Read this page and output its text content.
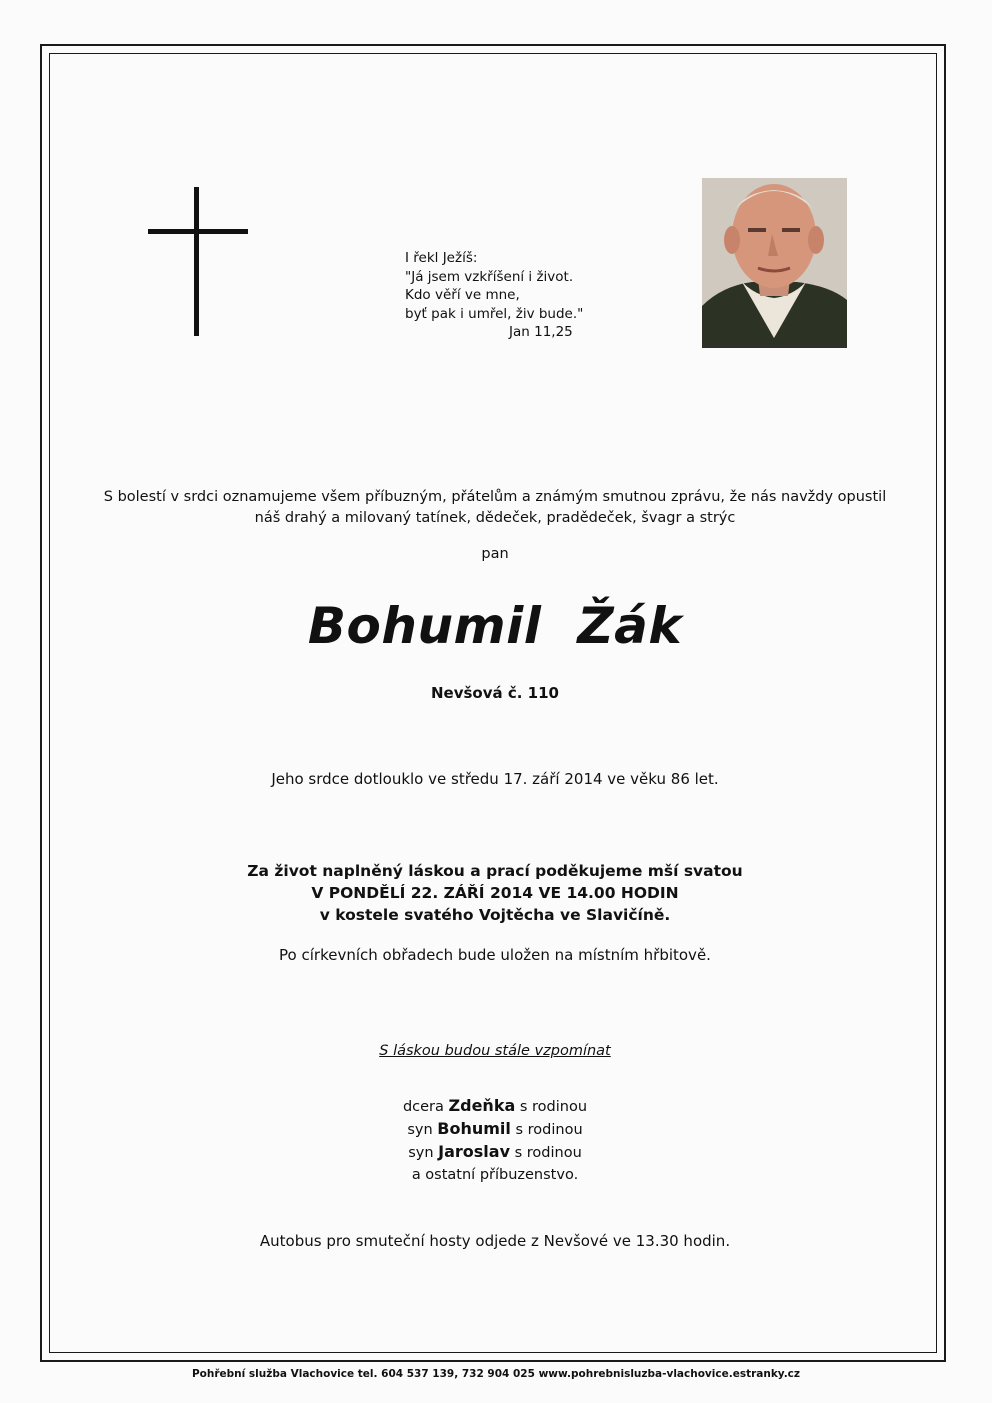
I řekl Ježíš:
"Já jsem vzkříšení i život.
Kdo věří ve mne,
byť pak i umřel, živ bude."
Jan 11,25
S bolestí v srdci oznamujeme všem příbuzným, přátelům a známým smutnou zprávu, že nás navždy opustil
náš drahý a milovaný tatínek, dědeček, pradědeček, švagr a strýc
pan
Bohumil Žák
Nevšová č. 110
Jeho srdce dotlouklo ve středu 17. září 2014 ve věku 86 let.
Za život naplněný láskou a prací poděkujeme mší svatou
V PONDĚLÍ 22. ZÁŘÍ 2014 VE 14.00 HODIN
v kostele svatého Vojtěcha ve Slavičíně.
Po církevních obřadech bude uložen na místním hřbitově.
S láskou budou stále vzpomínat
dcera Zdeňka s rodinou
syn Bohumil s rodinou
syn Jaroslav s rodinou
a ostatní příbuzenstvo.
Autobus pro smuteční hosty odjede z Nevšové ve 13.30 hodin.
Pohřební služba Vlachovice tel. 604 537 139, 732 904 025 www.pohrebnisluzba-vlachovice.estranky.cz
